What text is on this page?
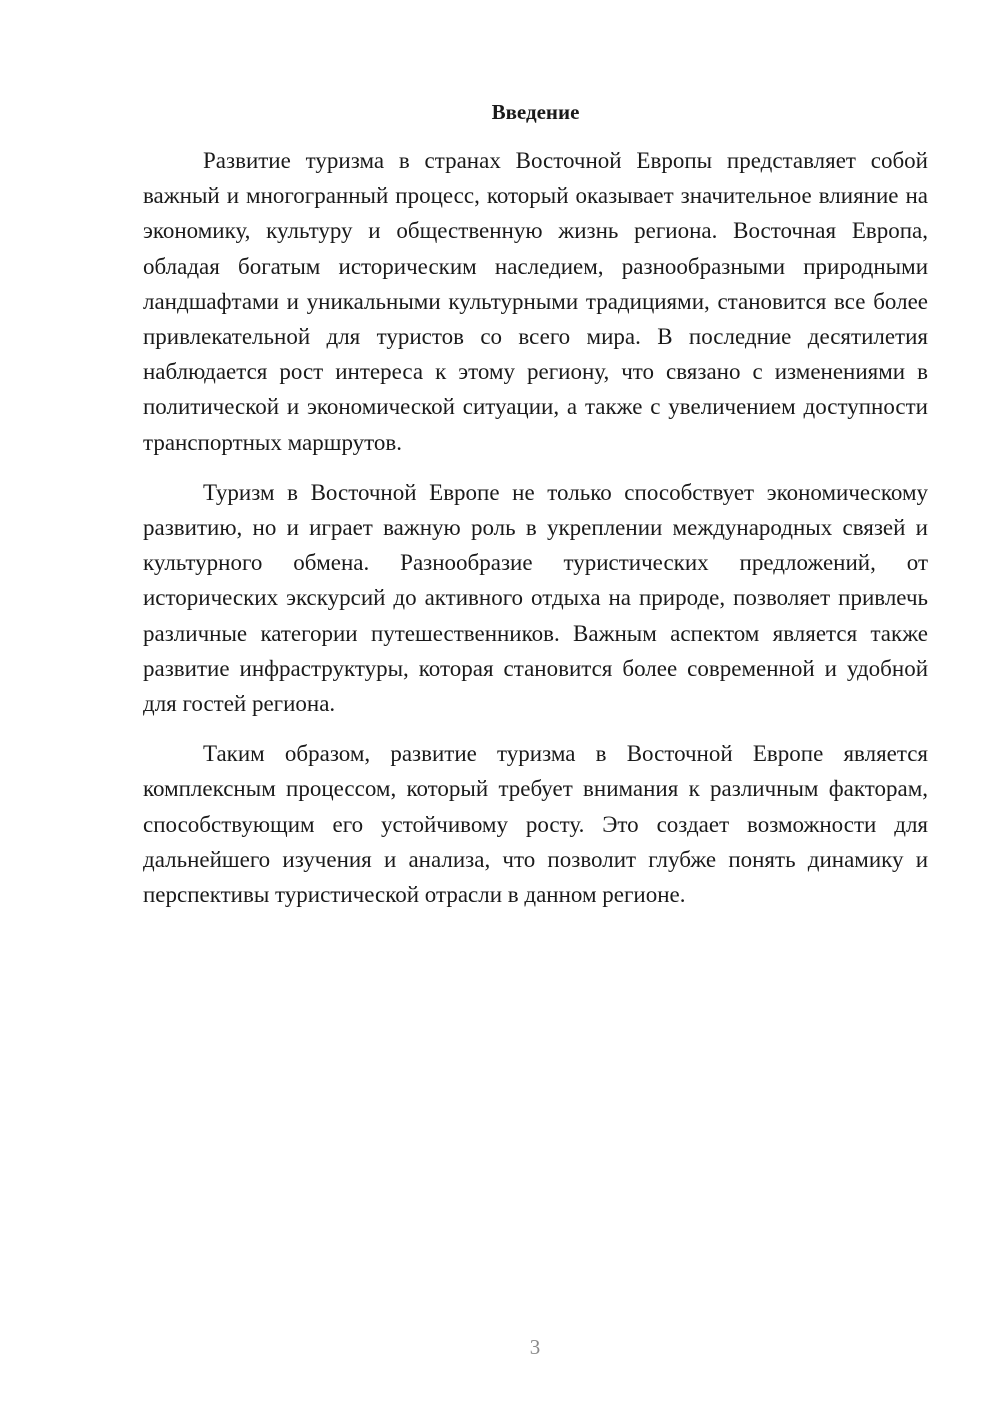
Введение

Развитие туризма в странах Восточной Европы представляет собой важный и многогранный процесс, который оказывает значительное влияние на экономику, культуру и общественную жизнь региона. Восточная Европа, обладая богатым историческим наследием, разнообразными природными ландшафтами и уникальными культурными традициями, становится все более привлекательной для туристов со всего мира. В последние десятилетия наблюдается рост интереса к этому региону, что связано с изменениями в политической и экономической ситуации, а также с увеличением доступности транспортных маршрутов.

Туризм в Восточной Европе не только способствует экономическому развитию, но и играет важную роль в укреплении международных связей и культурного обмена. Разнообразие туристических предложений, от исторических экскурсий до активного отдыха на природе, позволяет привлечь различные категории путешественников. Важным аспектом является также развитие инфраструктуры, которая становится более современной и удобной для гостей региона.

Таким образом, развитие туризма в Восточной Европе является комплексным процессом, который требует внимания к различным факторам, способствующим его устойчивому росту. Это создает возможности для дальнейшего изучения и анализа, что позволит глубже понять динамику и перспективы туристической отрасли в данном регионе.

3
